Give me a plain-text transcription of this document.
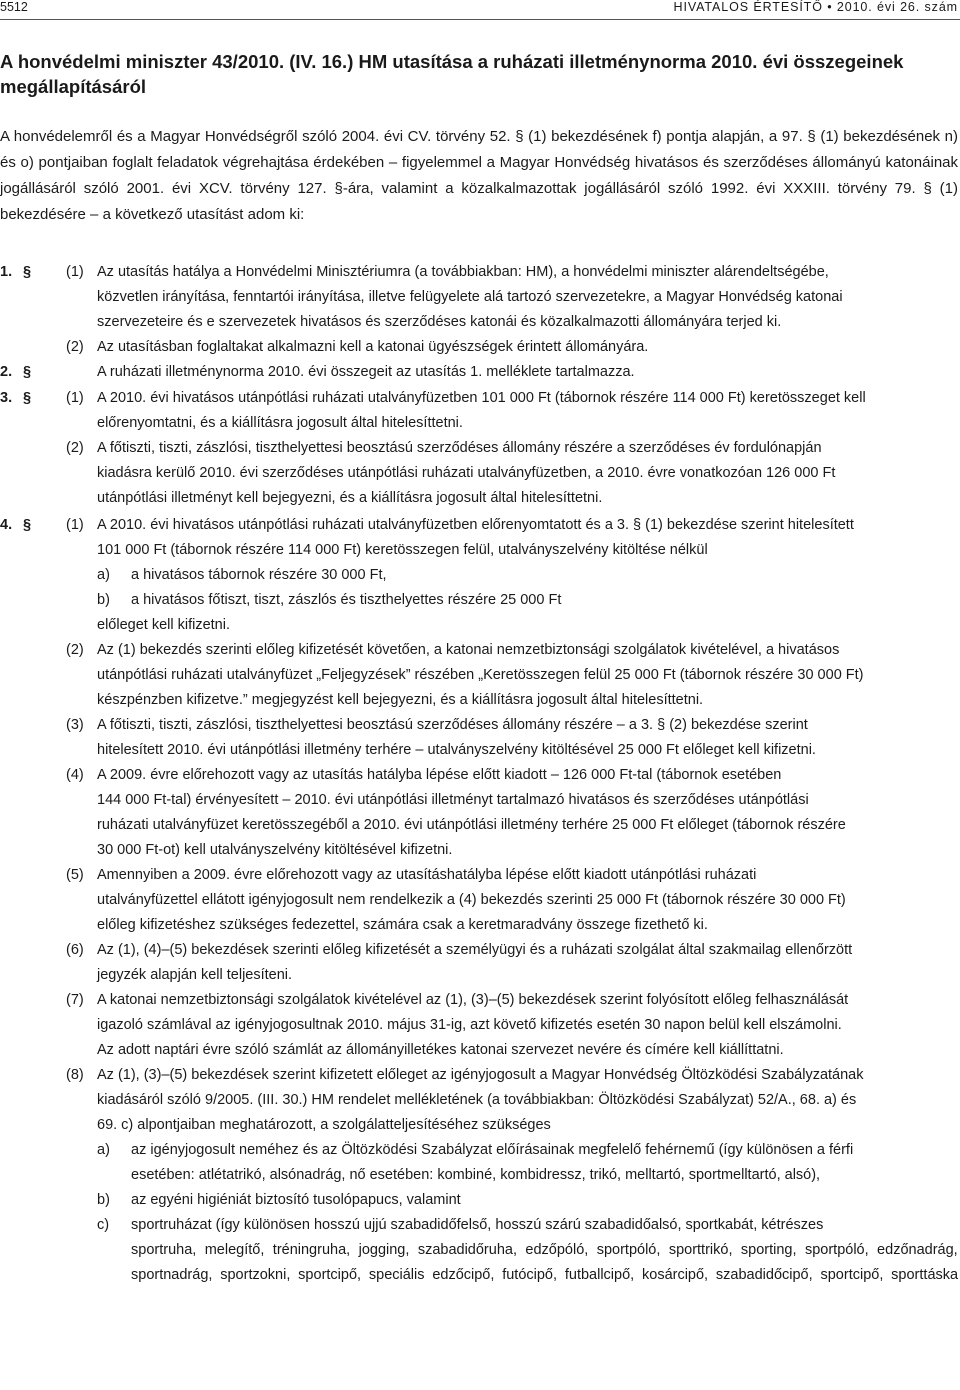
5512	HIVATALOS ÉRTESÍTŐ • 2010. évi 26. szám
A honvédelmi miniszter 43/2010. (IV. 16.) HM utasítása a ruházati illetménynorma 2010. évi összegeinek megállapításáról
A honvédelemről és a Magyar Honvédségről szóló 2004. évi CV. törvény 52. § (1) bekezdésének f) pontja alapján, a 97. § (1) bekezdésének n) és o) pontjaiban foglalt feladatok végrehajtása érdekében – figyelemmel a Magyar Honvédség hivatásos és szerződéses állományú katonáinak jogállásáról szóló 2001. évi XCV. törvény 127. §-ára, valamint a közalkalmazottak jogállásáról szóló 1992. évi XXXIII. törvény 79. § (1) bekezdésére – a következő utasítást adom ki:
1. § (1) Az utasítás hatálya a Honvédelmi Minisztériumra (a továbbiakban: HM), a honvédelmi miniszter alárendeltségébe,
közvetlen irányítása, fenntartói irányítása, illetve felügyelete alá tartozó szervezetekre, a Magyar Honvédség katonai
szervezeteire és e szervezetek hivatásos és szerződéses katonái és közalkalmazotti állományára terjed ki.
(2) Az utasításban foglaltakat alkalmazni kell a katonai ügyészségek érintett állományára.
2. §	A ruházati illetménynorma 2010. évi összegeit az utasítás 1. melléklete tartalmazza.
3. § (1) A 2010. évi hivatásos utánpótlási ruházati utalványfüzetben 101 000 Ft (tábornok részére 114 000 Ft) keretösszeget kell
előrenyomtatni, és a kiállításra jogosult által hitelesíttetni.
(2) A főtiszti, tiszti, zászlósi, tiszthelyettesi beosztású szerződéses állomány részére a szerződéses év fordulónapján
kiadásra kerülő 2010. évi szerződéses utánpótlási ruházati utalványfüzetben, a 2010. évre vonatkozóan 126 000 Ft
utánpótlási illetményt kell bejegyezni, és a kiállításra jogosult által hitelesíttetni.
4. § (1) A 2010. évi hivatásos utánpótlási ruházati utalványfüzetben előrenyomtatott és a 3. § (1) bekezdése szerint hitelesített
101 000 Ft (tábornok részére 114 000 Ft) keretösszegen felül, utalványszelvény kitöltése nélkül
a) a hivatásos tábornok részére 30 000 Ft,
b) a hivatásos főtiszt, tiszt, zászlós és tiszthelyettes részére 25 000 Ft
előleget kell kifizetni.
(2) Az (1) bekezdés szerinti előleg kifizetését követően, a katonai nemzetbiztonsági szolgálatok kivételével, a hivatásos
utánpótlási ruházati utalványfüzet „Feljegyzések” részében „Keretösszegen felül 25 000 Ft (tábornok részére 30 000 Ft)
készpénzben kifizetve.” megjegyzést kell bejegyezni, és a kiállításra jogosult által hitelesíttetni.
(3) A főtiszti, tiszti, zászlósi, tiszthelyettesi beosztású szerződéses állomány részére – a 3. § (2) bekezdése szerint
hitelesített 2010. évi utánpótlási illetmény terhére – utalványszelvény kitöltésével 25 000 Ft előleget kell kifizetni.
(4) A 2009. évre előrehozott vagy az utasítás hatályba lépése előtt kiadott – 126 000 Ft-tal (tábornok esetében
144 000 Ft-tal) érvényesített – 2010. évi utánpótlási illetményt tartalmazó hivatásos és szerződéses utánpótlási
ruházati utalványfüzet keretösszegéből a 2010. évi utánpótlási illetmény terhére 25 000 Ft előleget (tábornok részére
30 000 Ft-ot) kell utalványszelvény kitöltésével kifizetni.
(5) Amennyiben a 2009. évre előrehozott vagy az utasításhatályba lépése előtt kiadott utánpótlási ruházati
utalványfüzettel ellátott igényjogosult nem rendelkezik a (4) bekezdés szerinti 25 000 Ft (tábornok részére 30 000 Ft)
előleg kifizetéshez szükséges fedezettel, számára csak a keretmaradvány összege fizethető ki.
(6) Az (1), (4)–(5) bekezdések szerinti előleg kifizetését a személyügyi és a ruházati szolgálat által szakmailag ellenőrzött
jegyzék alapján kell teljesíteni.
(7) A katonai nemzetbiztonsági szolgálatok kivételével az (1), (3)–(5) bekezdések szerint folyósított előleg felhasználását
igazoló számlával az igényjogosultnak 2010. május 31-ig, azt követő kifizetés esetén 30 napon belül kell elszámolni.
Az adott naptári évre szóló számlát az állományilletékes katonai szervezet nevére és címére kell kiállíttatni.
(8) Az (1), (3)–(5) bekezdések szerint kifizetett előleget az igényjogosult a Magyar Honvédség Öltözködési Szabályzatának
kiadásáról szóló 9/2005. (III. 30.) HM rendelet mellékletének (a továbbiakban: Öltözködési Szabályzat) 52/A., 68. a) és
69. c) alpontjaiban meghatározott, a szolgálatteljesítéséhez szükséges
a) az igényjogosult neméhez és az Öltözködési Szabályzat előírásainak megfelelő fehérnemű (így különösen a férfi
esetében: atlétatrikó, alsónadrág, nő esetében: kombiné, kombidressz, trikó, melltartó, sportmelltartó, alsó),
b) az egyéni higiéniát biztosító tusolópapucs, valamint
c) sportruházat (így különösen hosszú ujjú szabadidőfelső, hosszú szárú szabadidőalsó, sportkabát, kétrészes
sportruha, melegítő, tréningruha, jogging, szabadidőruha, edzőpóló, sportpóló, sporttrikó, sporting, sportpóló, edzőnadrág,
sportnadrág, sportzokni, sportcipő, speciális edzőcipő, futócipő, futballcipő, kosárcipő, szabadidőcipő, sportcipő, sporttáska
